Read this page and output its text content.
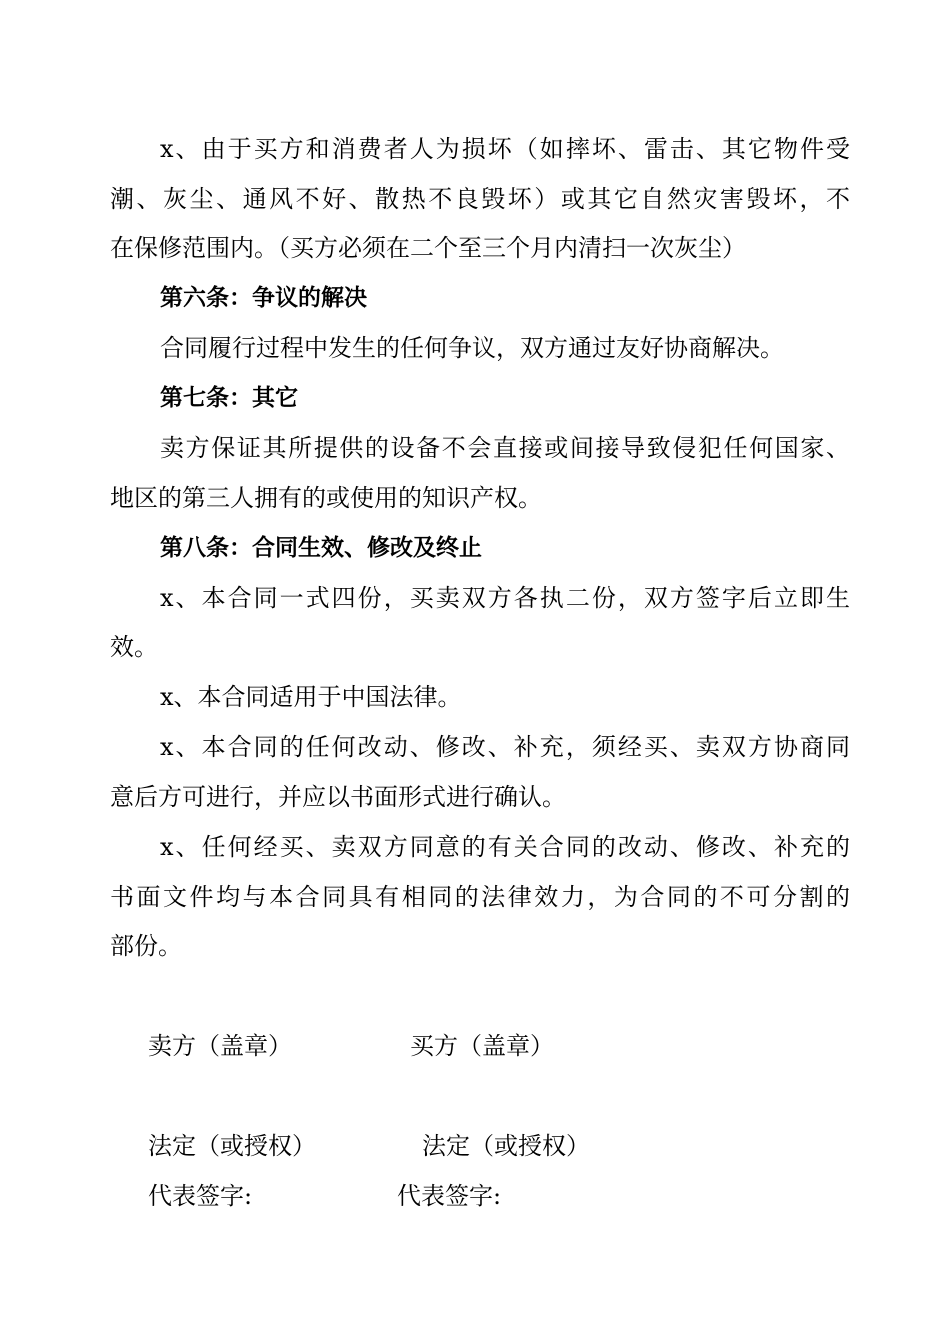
x、由于买方和消费者人为损坏（如摔坏、雷击、其它物件受
潮、灰尘、通风不好、散热不良毁坏）或其它自然灾害毁坏，不
在保修范围内。（买方必须在二个至三个月内清扫一次灰尘）
第六条：争议的解决
合同履行过程中发生的任何争议，双方通过友好协商解决。
第七条：其它
卖方保证其所提供的设备不会直接或间接导致侵犯任何国家、
地区的第三人拥有的或使用的知识产权。
第八条：合同生效、修改及终止
x、本合同一式四份，买卖双方各执二份，双方签字后立即生
效。
x、本合同适用于中国法律。
x、本合同的任何改动、修改、补充，须经买、卖双方协商同
意后方可进行，并应以书面形式进行确认。
x、任何经买、卖双方同意的有关合同的改动、修改、补充的
书面文件均与本合同具有相同的法律效力，为合同的不可分割的
部份。
卖方（盖章）	买方（盖章）
法定（或授权）	法定（或授权）
代表签字:	代表签字:
